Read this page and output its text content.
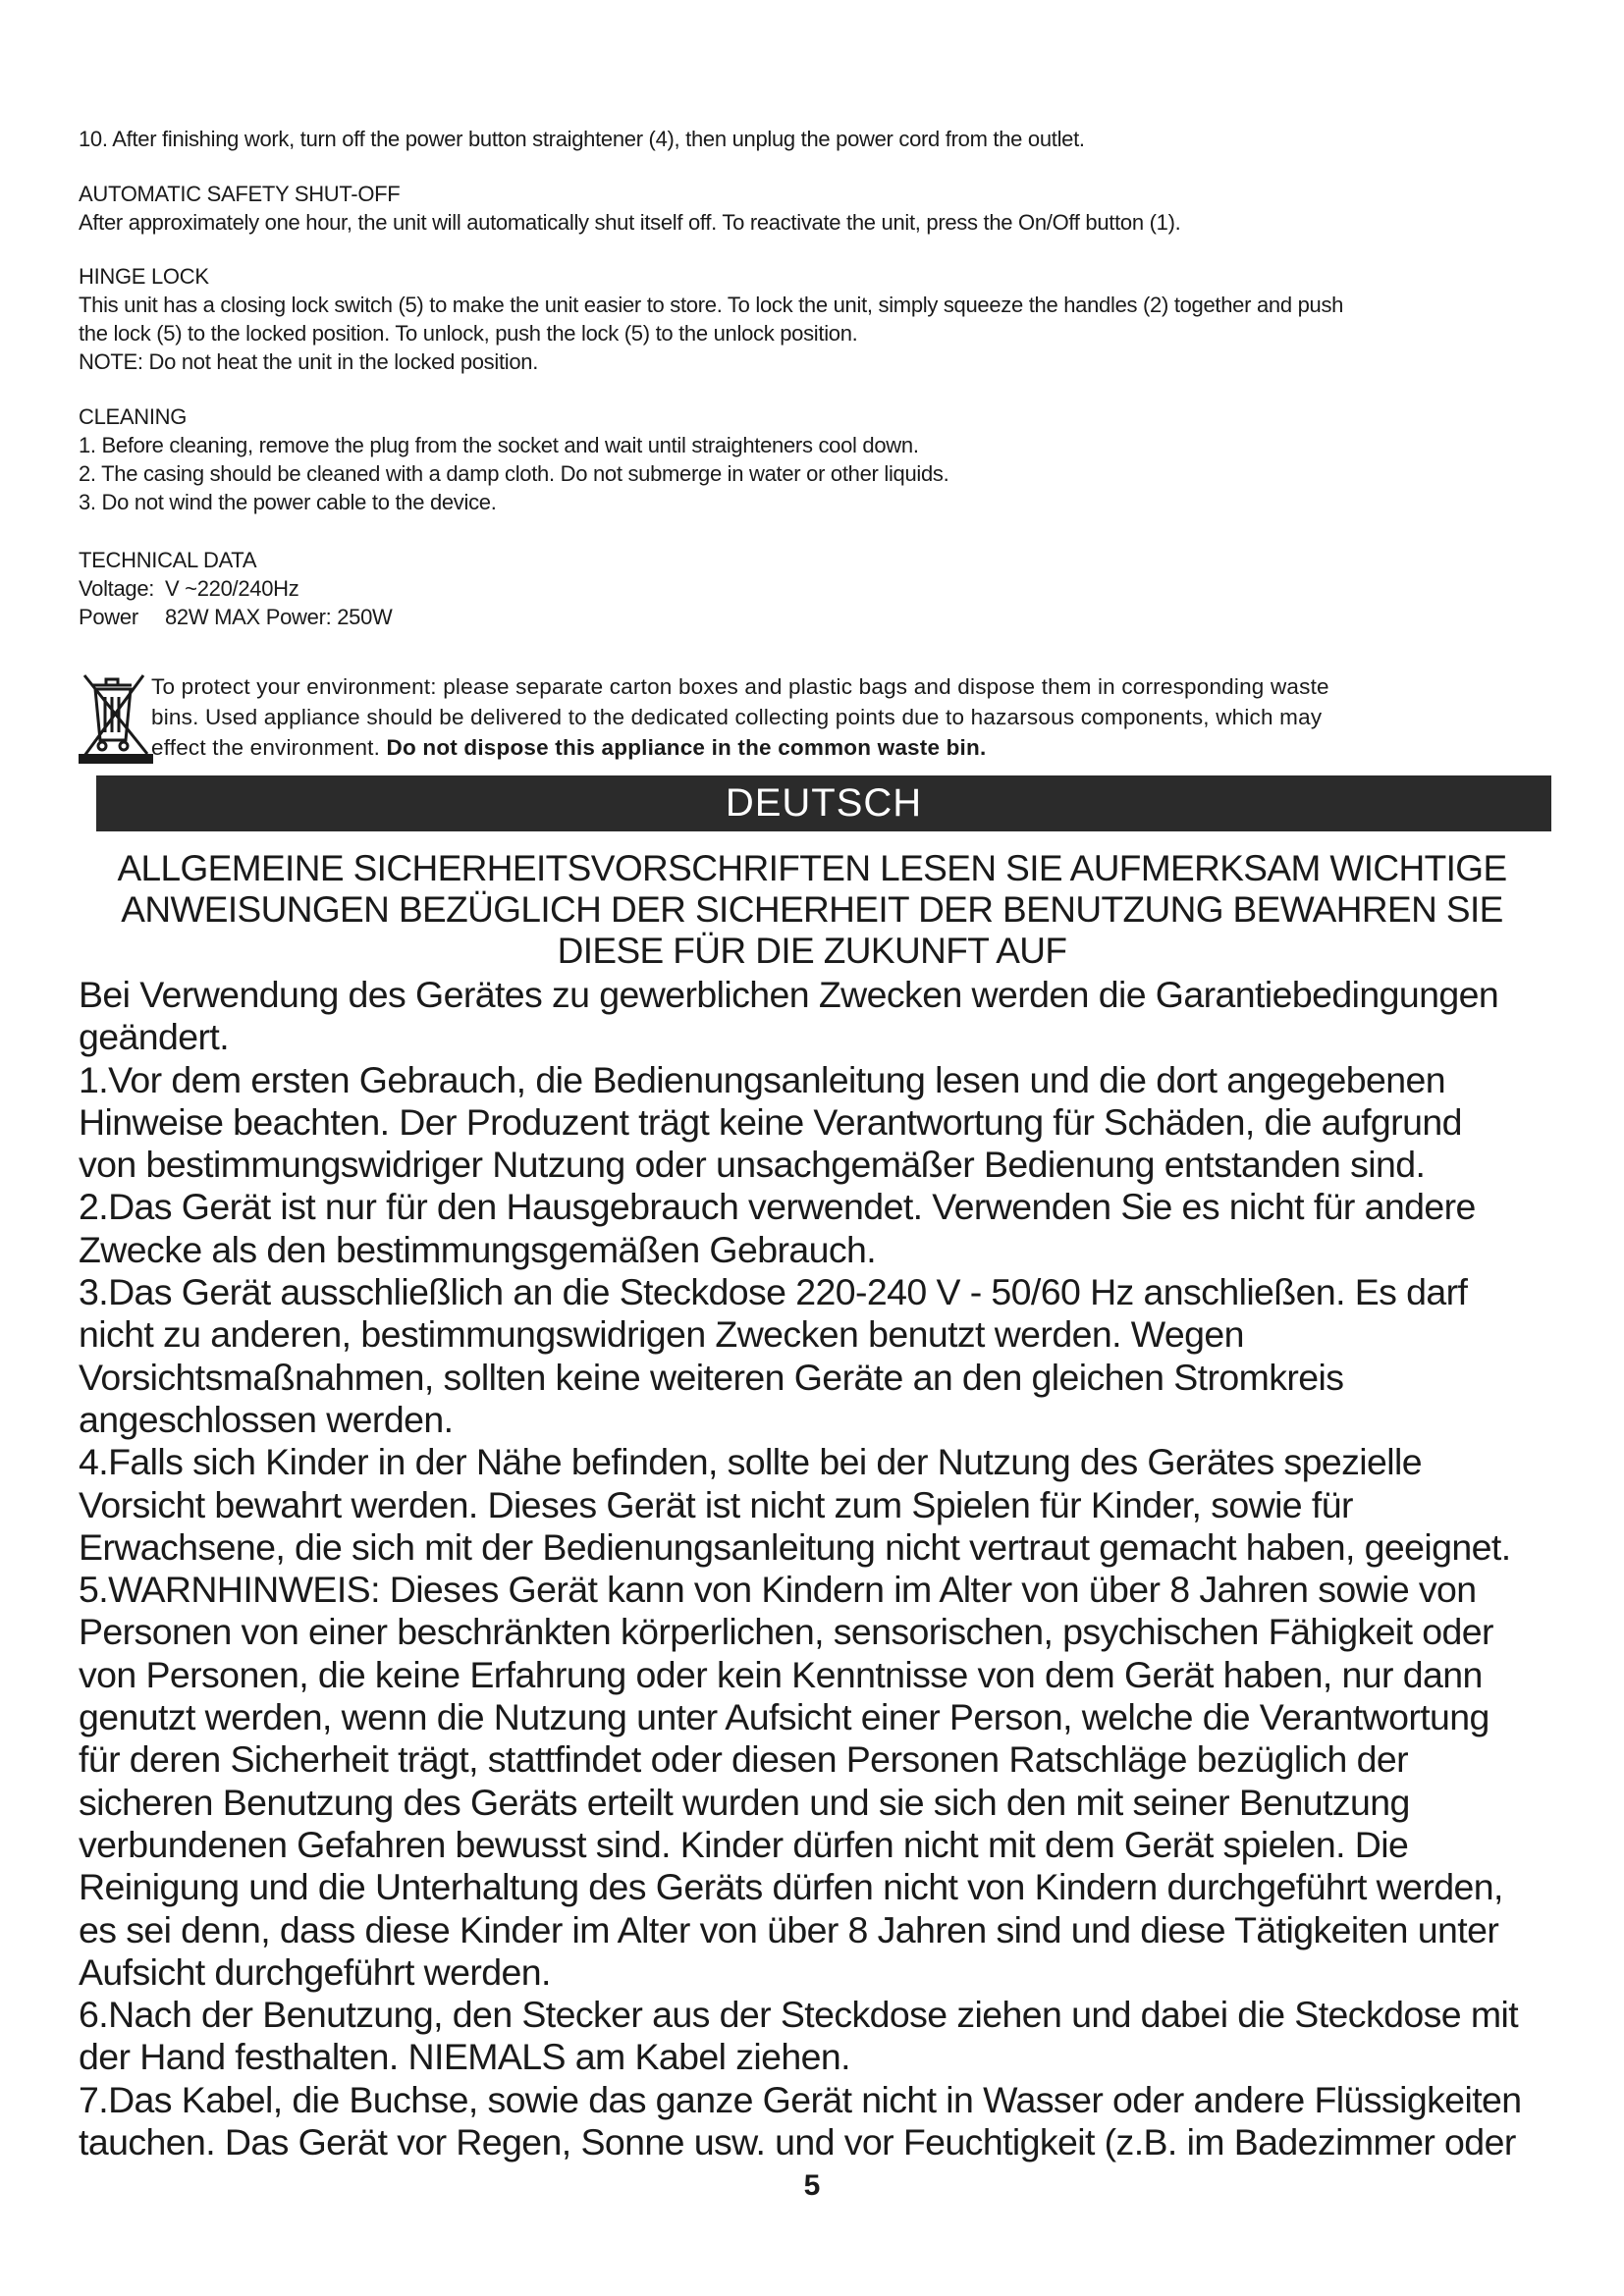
10. After finishing work, turn off the power button straightener (4), then unplug the power cord from the outlet.

AUTOMATIC SAFETY SHUT-OFF

After approximately one hour, the unit will automatically shut itself off. To reactivate the unit, press the On/Off button (1).

HINGE LOCK

This unit has a closing lock switch (5) to make the unit easier to store. To lock the unit, simply squeeze the handles (2) together and push

the lock (5) to the locked position. To unlock, push the lock (5) to the unlock position.

NOTE: Do not heat the unit in the locked position.

CLEANING

1. Before cleaning, remove the plug from the socket and wait until straighteners cool down.

2. The casing should be cleaned with a damp cloth. Do not submerge in water or other liquids.

3. Do not wind the power cable to the device.

TECHNICAL DATA

Voltage: V ~220/240Hz
Power	82W MAX Power: 250W

To protect your environment: please separate carton boxes and plastic bags and dispose them in corresponding waste

bins. Used appliance should be delivered to the dedicated collecting points due to hazarsous components, which may

effect the environment. Do not dispose this appliance in the common waste bin.

DEUTSCH

ALLGEMEINE SICHERHEITSVORSCHRIFTEN LESEN SIE AUFMERKSAM WICHTIGE

ANWEISUNGEN BEZÜGLICH DER SICHERHEIT DER BENUTZUNG BEWAHREN SIE

DIESE FÜR DIE ZUKUNFT AUF

Bei Verwendung des Gerätes zu gewerblichen Zwecken werden die Garantiebedingungen

geändert.

1.Vor dem ersten Gebrauch, die Bedienungsanleitung lesen und die dort angegebenen

Hinweise beachten. Der Produzent trägt keine Verantwortung für Schäden, die aufgrund

von bestimmungswidriger Nutzung oder unsachgemäßer Bedienung entstanden sind.

2.Das Gerät ist nur für den Hausgebrauch verwendet. Verwenden Sie es nicht für andere

Zwecke als den bestimmungsgemäßen Gebrauch.

3.Das Gerät ausschließlich an die Steckdose 220-240 V - 50/60 Hz anschließen. Es darf

nicht zu anderen, bestimmungswidrigen Zwecken benutzt werden. Wegen

Vorsichtsmaßnahmen, sollten keine weiteren Geräte an den gleichen Stromkreis

angeschlossen werden.

4.Falls sich Kinder in der Nähe befinden, sollte bei der Nutzung des Gerätes spezielle

Vorsicht bewahrt werden. Dieses Gerät ist nicht zum Spielen für Kinder, sowie für

Erwachsene, die sich mit der Bedienungsanleitung nicht vertraut gemacht haben, geeignet.

5.WARNHINWEIS: Dieses Gerät kann von Kindern im Alter von über 8 Jahren sowie von

Personen von einer beschränkten körperlichen, sensorischen, psychischen Fähigkeit oder

von Personen, die keine Erfahrung oder kein Kenntnisse von dem Gerät haben, nur dann

genutzt werden, wenn die Nutzung unter Aufsicht einer Person, welche die Verantwortung

für deren Sicherheit trägt, stattfindet oder diesen Personen Ratschläge bezüglich der

sicheren Benutzung des Geräts erteilt wurden und sie sich den mit seiner Benutzung

verbundenen Gefahren bewusst sind. Kinder dürfen nicht mit dem Gerät spielen. Die

Reinigung und die Unterhaltung des Geräts dürfen nicht von Kindern durchgeführt werden,

es sei denn, dass diese Kinder im Alter von über 8 Jahren sind und diese Tätigkeiten unter

Aufsicht durchgeführt werden.

6.Nach der Benutzung, den Stecker aus der Steckdose ziehen und dabei die Steckdose mit

der Hand festhalten. NIEMALS am Kabel ziehen.

7.Das Kabel, die Buchse, sowie das ganze Gerät nicht in Wasser oder andere Flüssigkeiten

tauchen. Das Gerät vor Regen, Sonne usw. und vor Feuchtigkeit (z.B. im Badezimmer oder

5
